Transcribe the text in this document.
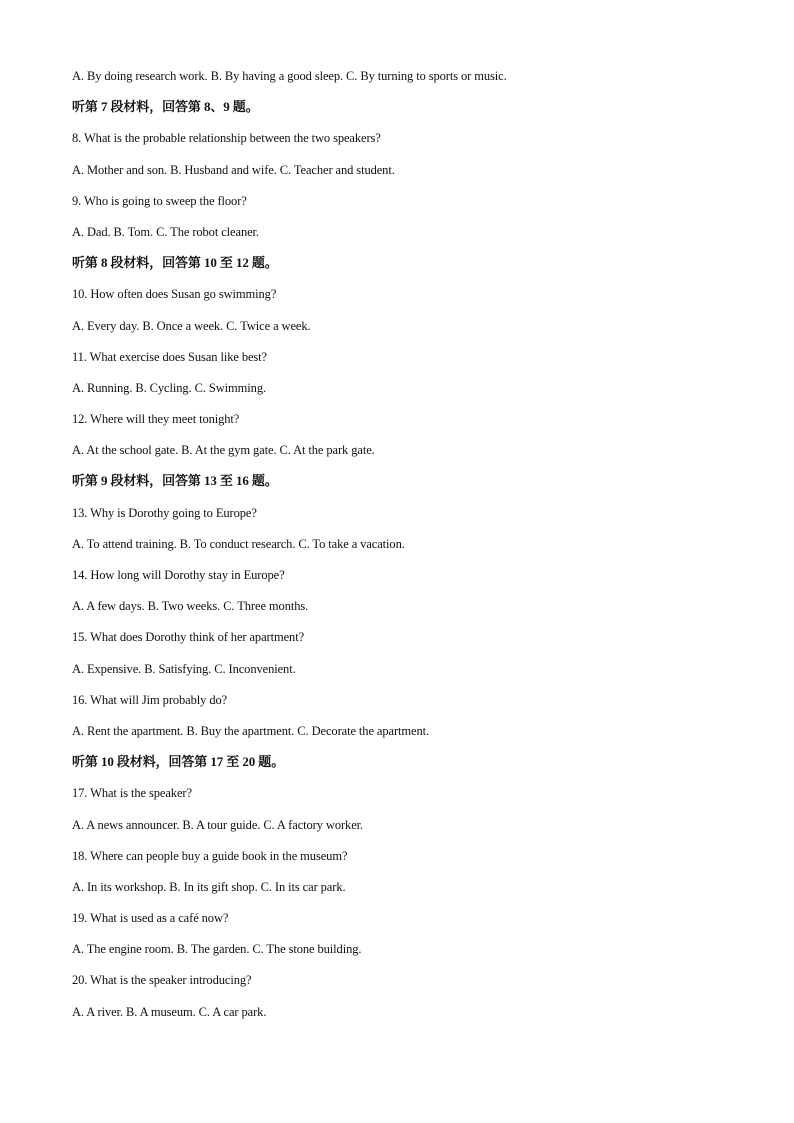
A. By doing research work. B. By having a good sleep. C. By turning to sports or music.
听第 7 段材料，回答第 8、9 题。
8. What is the probable relationship between the two speakers?
A. Mother and son. B. Husband and wife. C. Teacher and student.
9. Who is going to sweep the floor?
A. Dad. B. Tom. C. The robot cleaner.
听第 8 段材料，回答第 10 至 12 题。
10. How often does Susan go swimming?
A. Every day. B. Once a week. C. Twice a week.
11. What exercise does Susan like best?
A. Running. B. Cycling. C. Swimming.
12. Where will they meet tonight?
A. At the school gate. B. At the gym gate. C. At the park gate.
听第 9 段材料，回答第 13 至 16 题。
13. Why is Dorothy going to Europe?
A. To attend training. B. To conduct research. C. To take a vacation.
14. How long will Dorothy stay in Europe?
A. A few days. B. Two weeks. C. Three months.
15. What does Dorothy think of her apartment?
A. Expensive. B. Satisfying. C. Inconvenient.
16. What will Jim probably do?
A. Rent the apartment. B. Buy the apartment. C. Decorate the apartment.
听第 10 段材料，回答第 17 至 20 题。
17. What is the speaker?
A. A news announcer. B. A tour guide. C. A factory worker.
18. Where can people buy a guide book in the museum?
A. In its workshop. B. In its gift shop. C. In its car park.
19. What is used as a café now?
A. The engine room. B. The garden. C. The stone building.
20. What is the speaker introducing?
A. A river. B. A museum. C. A car park.
